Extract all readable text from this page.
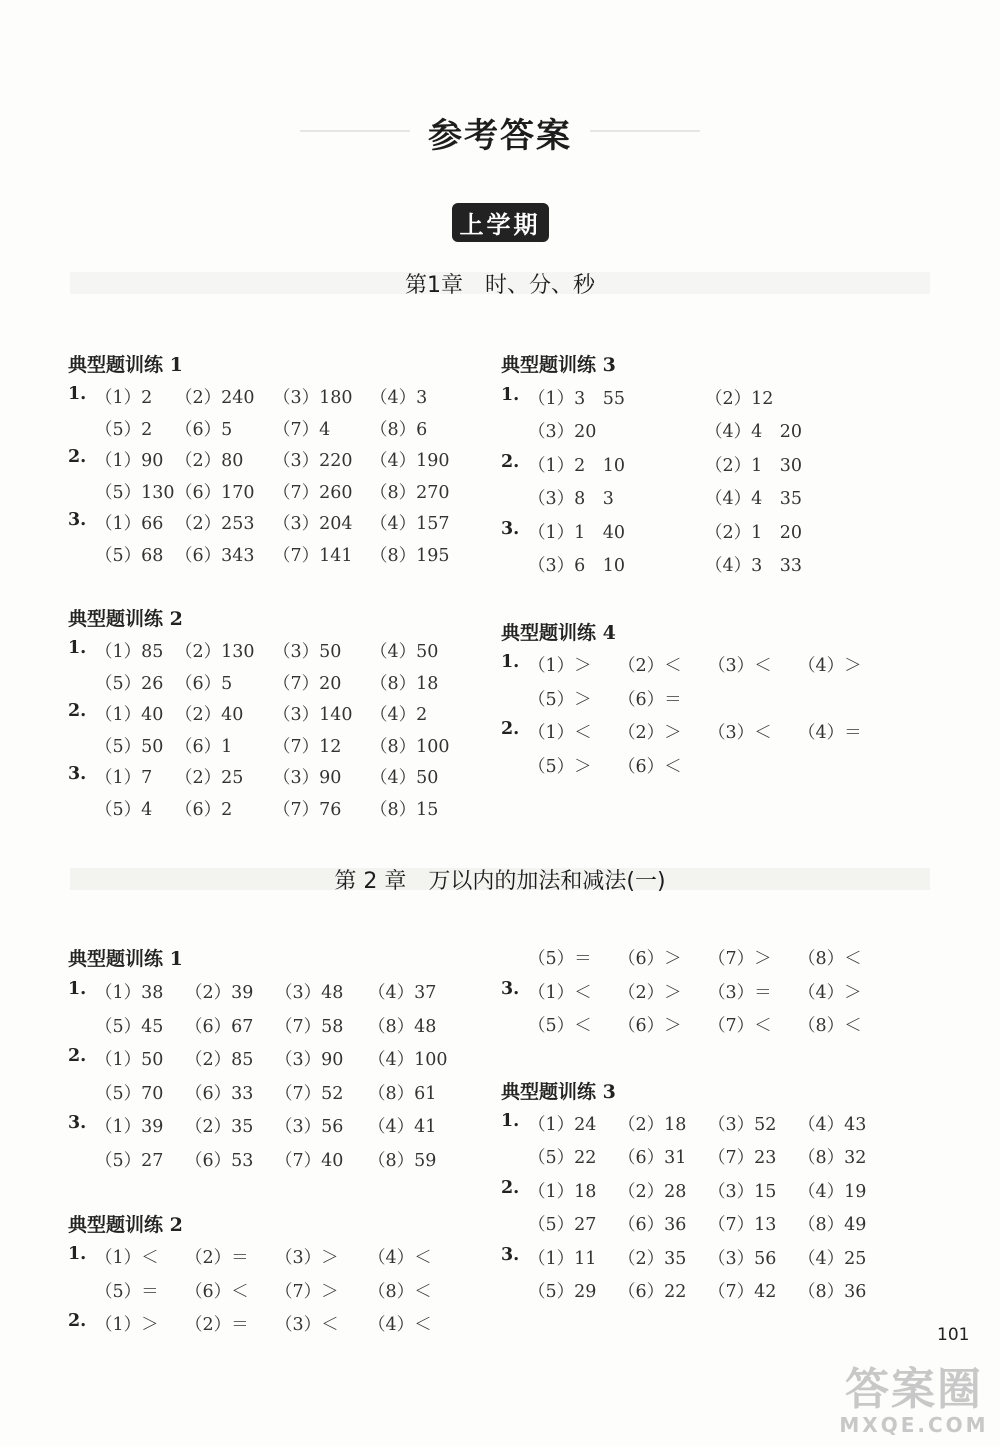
参考答案
上学期
第1章　时、分、秒
典型题训练 1
1. （1）2 （2）240 （3）180 （4）3
（5）2 （6）5 （7）4 （8）6
2. （1）90 （2）80 （3）220 （4）190
（5）130 （6）170 （7）260 （8）270
3. （1）66 （2）253 （3）204 （4）157
（5）68 （6）343 （7）141 （8）195
典型题训练 2
1. （1）85 （2）130 （3）50 （4）50
（5）26 （6）5 （7）20 （8）18
2. （1）40 （2）40 （3）140 （4）2
（5）50 （6）1 （7）12 （8）100
3. （1）7 （2）25 （3）90 （4）50
（5）4 （6）2 （7）76 （8）15
典型题训练 3
1. （1）3　55	（2）12
（3）20	（4）4　20
2. （1）2　10	（2）1　30
（3）8　3	（4）4　35
3. （1）1　40	（2）1　20
（3）6　10	（4）3　33
典型题训练 4
1. （1）＞ （2）＜ （3）＜ （4）＞
（5）＞ （6）＝
2. （1）＜ （2）＞ （3）＜ （4）＝
（5）＞ （6）＜
第 2 章　万以内的加法和减法(一)
典型题训练 1
1. （1）38 （2）39 （3）48 （4）37
（5）45 （6）67 （7）58 （8）48
2. （1）50 （2）85 （3）90 （4）100
（5）70 （6）33 （7）52 （8）61
3. （1）39 （2）35 （3）56 （4）41
（5）27 （6）53 （7）40 （8）59
典型题训练 2
1. （1）＜ （2）＝ （3）＞ （4）＜
（5）＝ （6）＜ （7）＞ （8）＜
2. （1）＞ （2）＝ （3）＜ （4）＜
（5）＝ （6）＞ （7）＞ （8）＜
3. （1）＜ （2）＞ （3）＝ （4）＞
（5）＜ （6）＞ （7）＜ （8）＜
典型题训练 3
1. （1）24 （2）18 （3）52 （4）43
（5）22 （6）31 （7）23 （8）32
2. （1）18 （2）28 （3）15 （4）19
（5）27 （6）36 （7）13 （8）49
3. （1）11 （2）35 （3）56 （4）25
（5）29 （6）22 （7）42 （8）36
101
答案圈
MXQE.COM
